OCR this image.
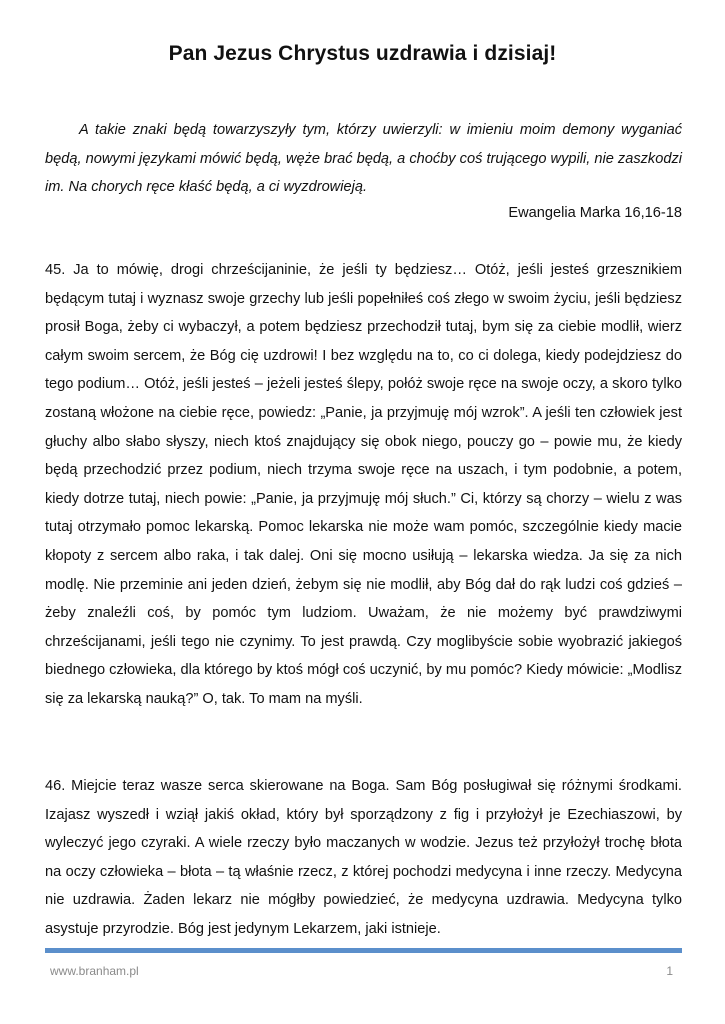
Pan Jezus Chrystus uzdrawia i dzisiaj!

A takie znaki będą towarzyszyły tym, którzy uwierzyli: w imieniu moim demony wyganiać będą, nowymi językami mówić będą, węże brać będą, a choćby coś trującego wypili, nie zaszkodzi im. Na chorych ręce kłaść będą, a ci wyzdrowieją.

Ewangelia Marka 16,16-18

45. Ja to mówię, drogi chrześcijaninie, że jeśli ty będziesz… Otóż, jeśli jesteś grzesznikiem będącym tutaj i wyznasz swoje grzechy lub jeśli popełniłeś coś złego w swoim życiu, jeśli będziesz prosił Boga, żeby ci wybaczył, a potem będziesz przechodził tutaj, bym się za ciebie modlił, wierz całym swoim sercem, że Bóg cię uzdrowi! I bez względu na to, co ci dolega, kiedy podejdziesz do tego podium… Otóż, jeśli jesteś – jeżeli jesteś ślepy, połóż swoje ręce na swoje oczy, a skoro tylko zostaną włożone na ciebie ręce, powiedz: „Panie, ja przyjmuję mój wzrok”. A jeśli ten człowiek jest głuchy albo słabo słyszy, niech ktoś znajdujący się obok niego, pouczy go – powie mu, że kiedy będą przechodzić przez podium, niech trzyma swoje ręce na uszach, i tym podobnie, a potem, kiedy dotrze tutaj, niech powie: „Panie, ja przyjmuję mój słuch.” Ci, którzy są chorzy – wielu z was tutaj otrzymało pomoc lekarską. Pomoc lekarska nie może wam pomóc, szczególnie kiedy macie kłopoty z sercem albo raka, i tak dalej. Oni się mocno usiłują – lekarska wiedza. Ja się za nich modlę. Nie przeminie ani jeden dzień, żebym się nie modlił, aby Bóg dał do rąk ludzi coś gdzieś – żeby znaleźli coś, by pomóc tym ludziom. Uważam, że nie możemy być prawdziwymi chrześcijanami, jeśli tego nie czynimy. To jest prawdą. Czy moglibyście sobie wyobrazić jakiegoś biednego człowieka, dla którego by ktoś mógł coś uczynić, by mu pomóc? Kiedy mówicie: „Modlisz się za lekarską nauką?” O, tak. To mam na myśli.

46. Miejcie teraz wasze serca skierowane na Boga. Sam Bóg posługiwał się różnymi środkami. Izajasz wyszedł i wziął jakiś okład, który był sporządzony z fig i przyłożył je Ezechiaszowi, by wyleczyć jego czyraki. A wiele rzeczy było maczanych w wodzie. Jezus też przyłożył trochę błota na oczy człowieka – błota – tą właśnie rzecz, z której pochodzi medycyna i inne rzeczy. Medycyna nie uzdrawia. Żaden lekarz nie mógłby powiedzieć, że medycyna uzdrawia. Medycyna tylko asystuje przyrodzie. Bóg jest jedynym Lekarzem, jaki istnieje.

www.branham.pl	1
